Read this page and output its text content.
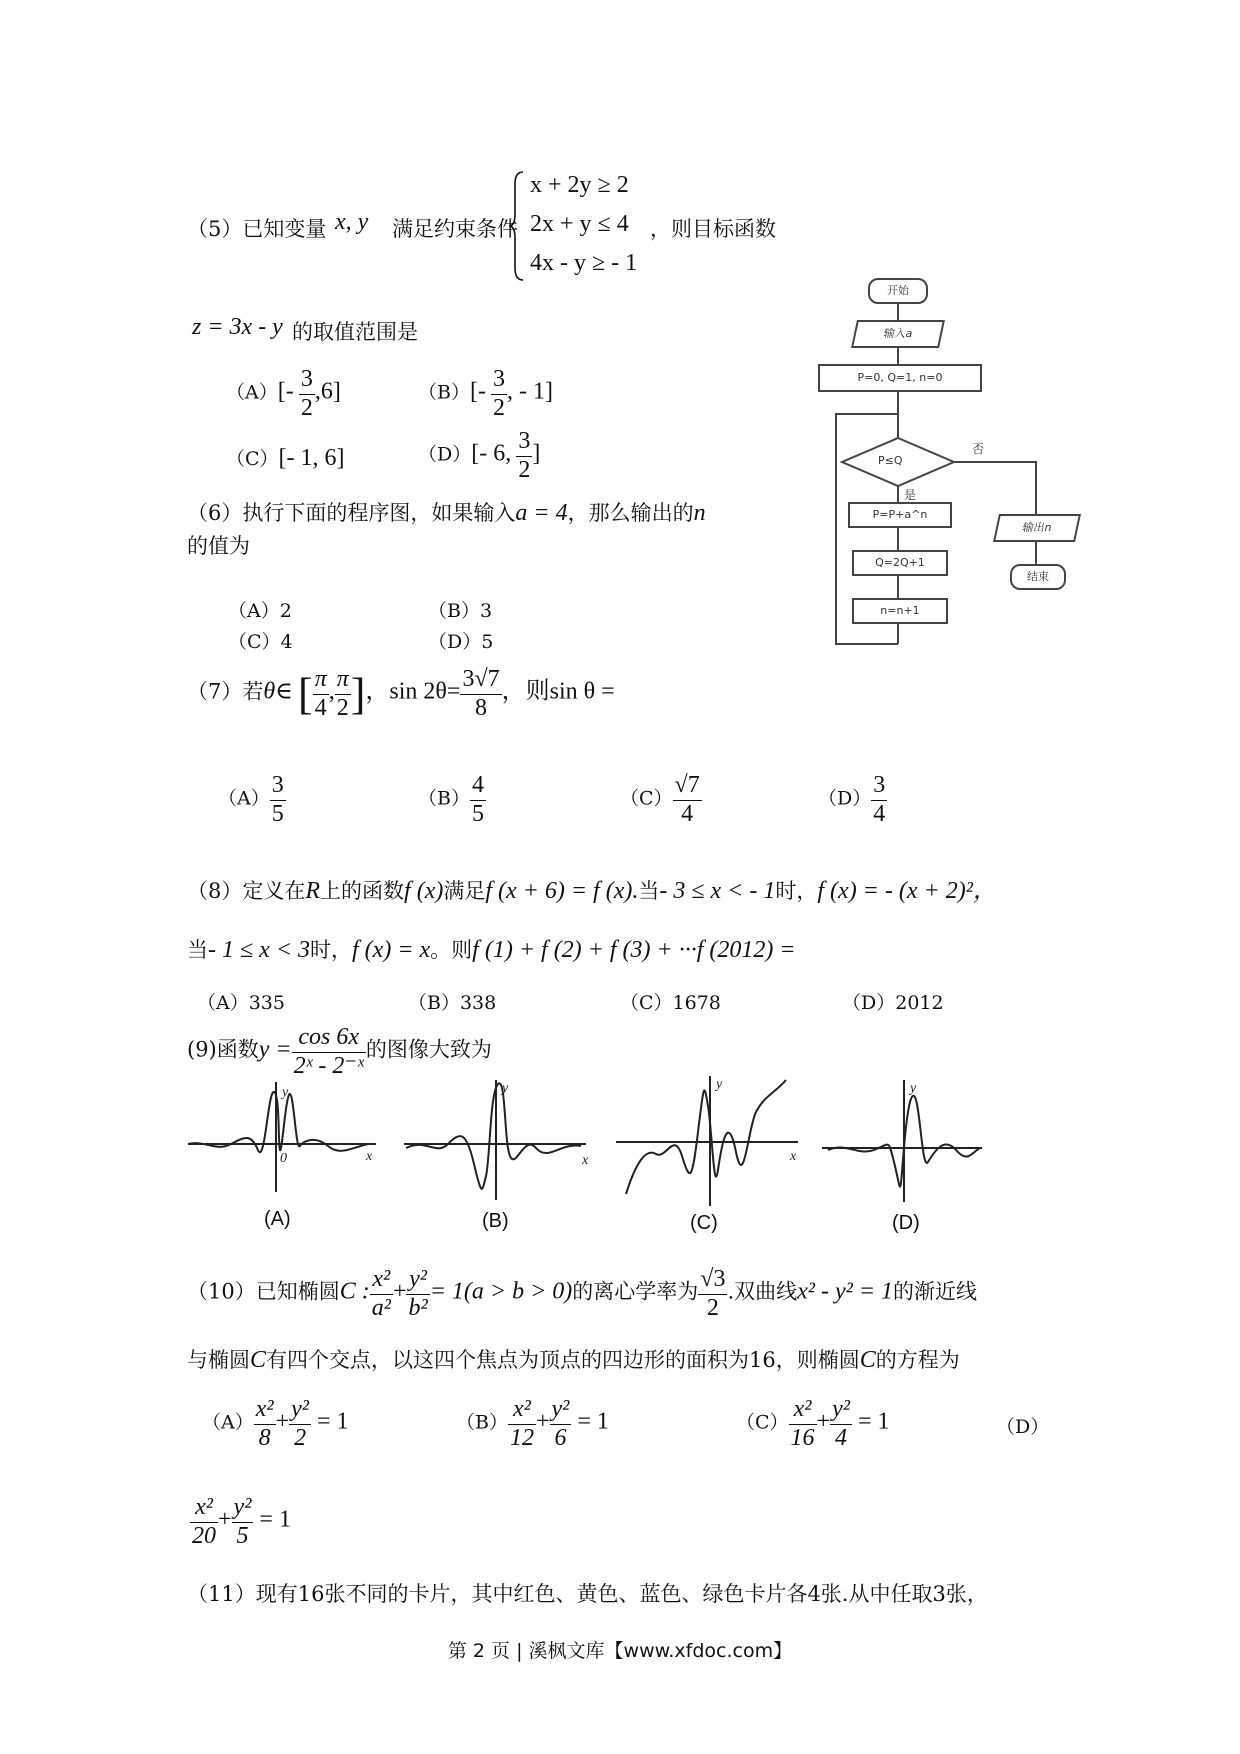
（5）已知变量 x, y 满足约束条件
x + 2y ≥ 2
2x + y ≤ 4
4x - y ≥ - 1
，则目标函数
z = 3x - y 的取值范围是
$(A)[- \frac{3}{2} ,6]$	$(B)[- \frac{3}{2}$ , - 1]
（C）[- 1, 6]	（D）[- 6, $\frac{3}{2}$ ]
开始
输入a
P=0, Q=1, n=0
P≤Q
否
是
P=P+a^n
Q=2Q+1
n=n+1
输出n
结束
（6）执行下面的程序图，如果输入a = 4，那么输出的n
的值为
（A）2	（B）3
（C）4	（D）5
（7）若θ∈ [ $\frac{\pi}{4}$ , $\frac{\pi}{2}$ ]，$\sin 2\theta= \frac{3√7}{8}$ ，则sin θ =
$(A) \frac{3}{5}$	$(B) \frac{4}{5}$	$(C) \frac{√7}{4}$	$(D) \frac{3}{4}$
（8）定义在R上的函数f (x)满足f (x + 6) = f (x).当- 3 ≤ x < - 1时，f (x) = - (x + 2)²，
当- 1 ≤ x < 3时，f (x) = x。则f (1) + f (2) + f (3) + ···f (2012) =
（A）335	（B）338	（C）1678	（D）2012
(9)函数$y = \frac{\cos 6x}{\text{2ˣ - 2⁻ˣ}}$ 的图像大致为
y
x
0
y
x
y
x
y
(A)	(B)	(C)	(D)
（10）已知椭圆C : $\frac{\text{x²}}{\text{a²}} + \frac{\text{y²}}{\text{b²}} = 1(a > b > 0)$的离心学率为 $\frac{√3}{2}$ .双曲线x² - y² = 1的渐近线
与椭圆C有四个交点，以这四个焦点为顶点的四边形的面积为16，则椭圆C的方程为
$(A) \frac{\text{x²}}{8} + \frac{\text{y²}}{2} = 1$	$(B) \frac{\text{x²}}{12} + \frac{\text{y²}}{6} = 1$	$(C) \frac{\text{x²}}{16} + \frac{\text{y²}}{4} = 1$	（D）
$\frac{\text{x²}}{20} + \frac{\text{y²}}{5} = 1$
（11）现有16张不同的卡片，其中红色、黄色、蓝色、绿色卡片各4张.从中任取3张，
第 2 页 | 溪枫文库【www.xfdoc.com】
